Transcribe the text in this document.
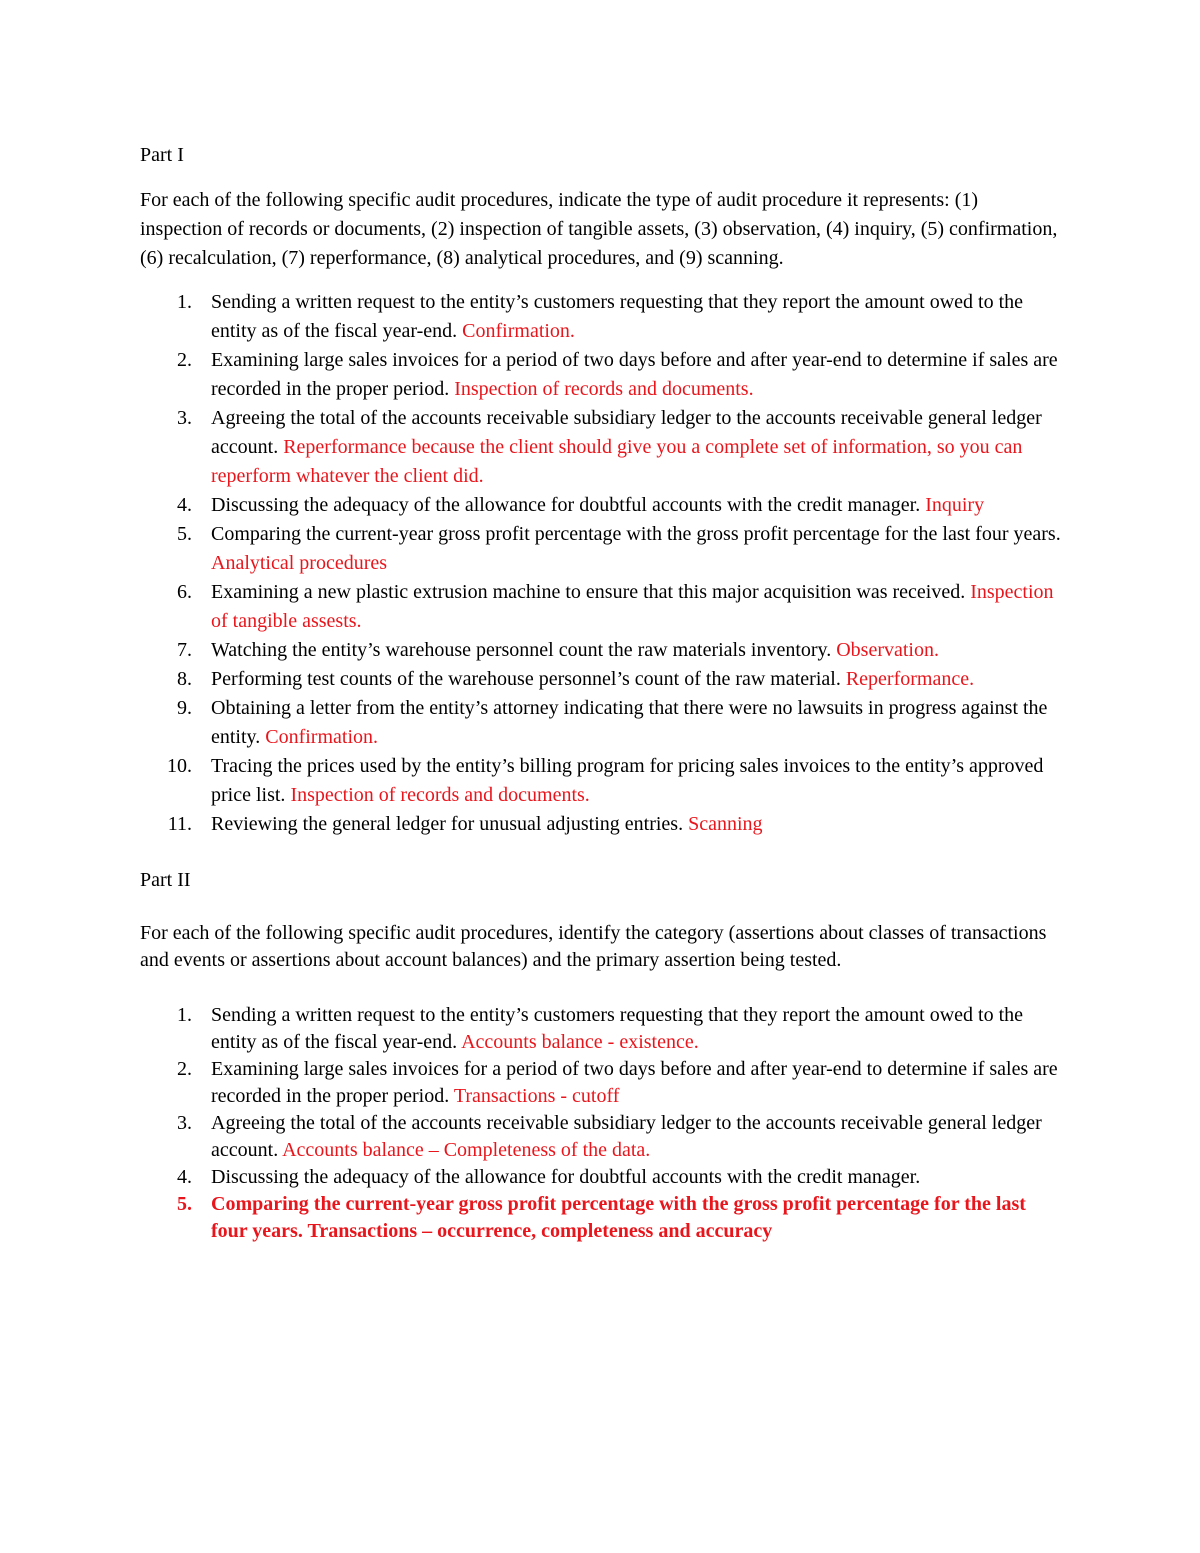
Part I

For each of the following specific audit procedures, indicate the type of audit procedure it represents: (1) inspection of records or documents, (2) inspection of tangible assets, (3) observation, (4) inquiry, (5) confirmation, (6) recalculation, (7) reperformance, (8) analytical procedures, and (9) scanning.

1. Sending a written request to the entity’s customers requesting that they report the amount owed to the entity as of the fiscal year-end. Confirmation.
2. Examining large sales invoices for a period of two days before and after year-end to determine if sales are recorded in the proper period. Inspection of records and documents.
3. Agreeing the total of the accounts receivable subsidiary ledger to the accounts receivable general ledger account. Reperformance because the client should give you a complete set of information, so you can reperform whatever the client did.
4. Discussing the adequacy of the allowance for doubtful accounts with the credit manager. Inquiry
5. Comparing the current-year gross profit percentage with the gross profit percentage for the last four years. Analytical procedures
6. Examining a new plastic extrusion machine to ensure that this major acquisition was received. Inspection of tangible assests.
7. Watching the entity’s warehouse personnel count the raw materials inventory. Observation.
8. Performing test counts of the warehouse personnel’s count of the raw material. Reperformance.
9. Obtaining a letter from the entity’s attorney indicating that there were no lawsuits in progress against the entity. Confirmation.
10. Tracing the prices used by the entity’s billing program for pricing sales invoices to the entity’s approved price list. Inspection of records and documents.
11. Reviewing the general ledger for unusual adjusting entries. Scanning

Part II

For each of the following specific audit procedures, identify the category (assertions about classes of transactions and events or assertions about account balances) and the primary assertion being tested.

1. Sending a written request to the entity’s customers requesting that they report the amount owed to the entity as of the fiscal year-end. Accounts balance - existence.
2. Examining large sales invoices for a period of two days before and after year-end to determine if sales are recorded in the proper period. Transactions - cutoff
3. Agreeing the total of the accounts receivable subsidiary ledger to the accounts receivable general ledger account. Accounts balance – Completeness of the data.
4. Discussing the adequacy of the allowance for doubtful accounts with the credit manager.
5. Comparing the current-year gross profit percentage with the gross profit percentage for the last four years. Transactions – occurrence, completeness and accuracy
